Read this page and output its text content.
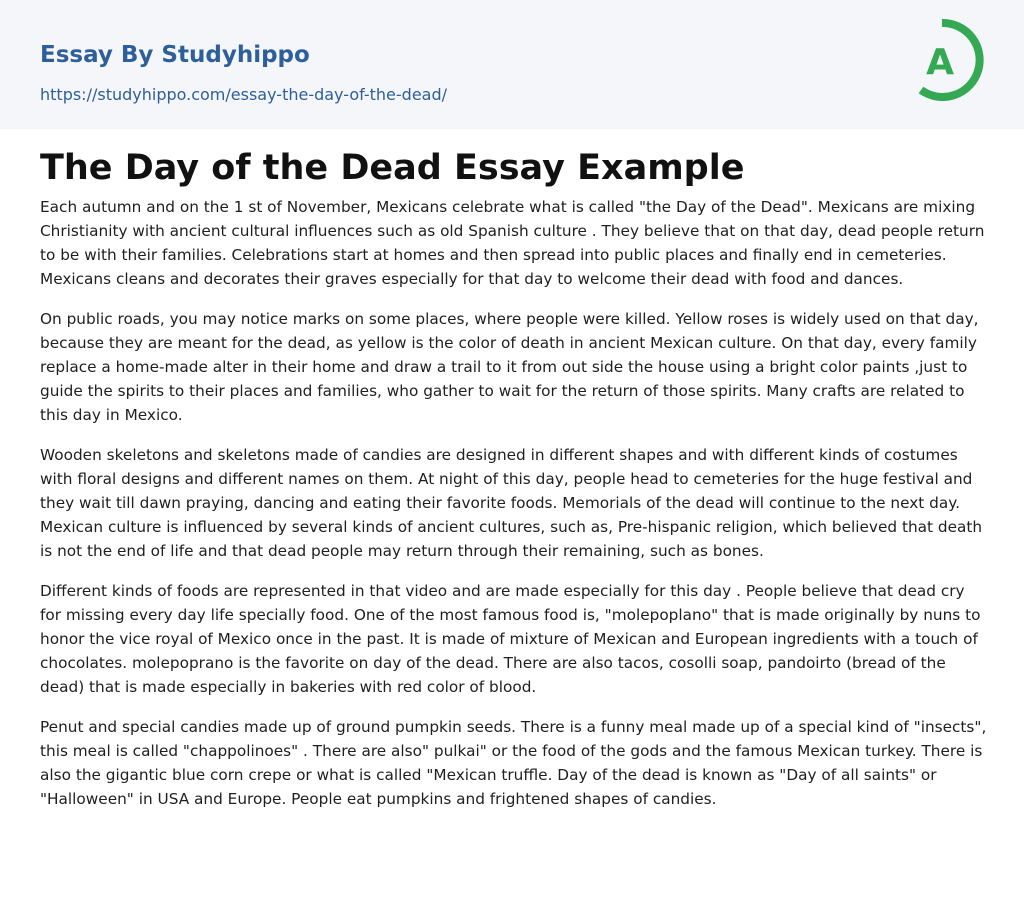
Essay By Studyhippo
https://studyhippo.com/essay-the-day-of-the-dead/
A
The Day of the Dead Essay Example

Each autumn and on the 1 st of November, Mexicans celebrate what is called "the Day of the Dead". Mexicans are mixing Christianity with ancient cultural influences such as old Spanish culture . They believe that on that day, dead people return to be with their families. Celebrations start at homes and then spread into public places and finally end in cemeteries. Mexicans cleans and decorates their graves especially for that day to welcome their dead with food and dances.

On public roads, you may notice marks on some places, where people were killed. Yellow roses is widely used on that day, because they are meant for the dead, as yellow is the color of death in ancient Mexican culture. On that day, every family replace a home-made alter in their home and draw a trail to it from out side the house using a bright color paints ,just to guide the spirits to their places and families, who gather to wait for the return of those spirits. Many crafts are related to this day in Mexico.

Wooden skeletons and skeletons made of candies are designed in different shapes and with different kinds of costumes with floral designs and different names on them. At night of this day, people head to cemeteries for the huge festival and they wait till dawn praying, dancing and eating their favorite foods. Memorials of the dead will continue to the next day. Mexican culture is influenced by several kinds of ancient cultures, such as, Pre-hispanic religion, which believed that death is not the end of life and that dead people may return through their remaining, such as bones.

Different kinds of foods are represented in that video and are made especially for this day . People believe that dead cry for missing every day life specially food. One of the most famous food is, "molepoplano" that is made originally by nuns to honor the vice royal of Mexico once in the past. It is made of mixture of Mexican and European ingredients with a touch of chocolates. molepoprano is the favorite on day of the dead. There are also tacos, cosolli soap, pandoirto (bread of the dead) that is made especially in bakeries with red color of blood.

Penut and special candies made up of ground pumpkin seeds. There is a funny meal made up of a special kind of "insects", this meal is called "chappolinoes" . There are also" pulkai" or the food of the gods and the famous Mexican turkey. There is also the gigantic blue corn crepe or what is called "Mexican truffle. Day of the dead is known as "Day of all saints" or "Halloween" in USA and Europe. People eat pumpkins and frightened shapes of candies.
